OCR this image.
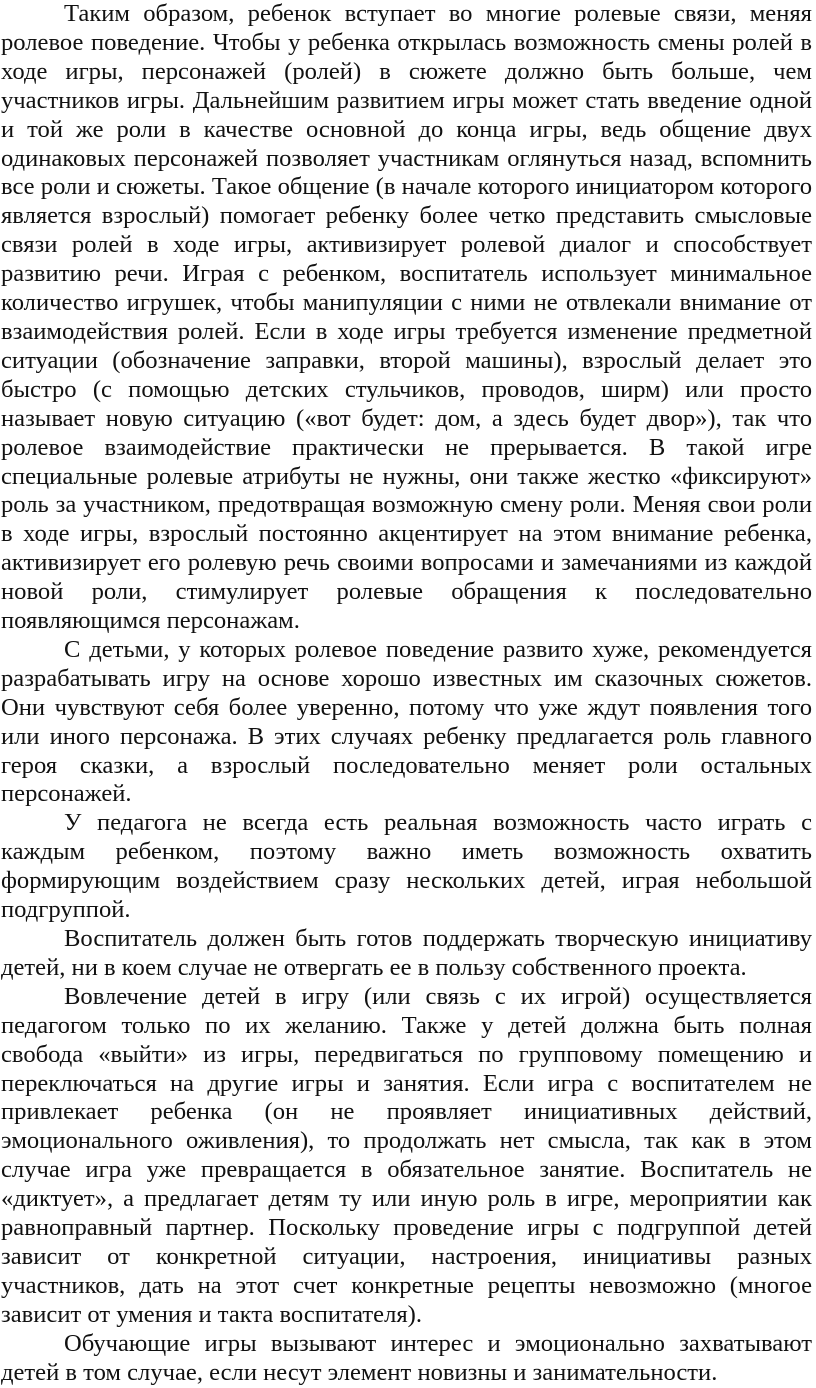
Таким образом, ребенок вступает во многие ролевые связи, меняя ролевое поведение. Чтобы у ребенка открылась возможность смены ролей в ходе игры, персонажей (ролей) в сюжете должно быть больше, чем участников игры. Дальнейшим развитием игры может стать введение одной и той же роли в качестве основной до конца игры, ведь общение двух одинаковых персонажей позволяет участникам оглянуться назад, вспомнить все роли и сюжеты. Такое общение (в начале которого инициатором которого является взрослый) помогает ребенку более четко представить смысловые связи ролей в ходе игры, активизирует ролевой диалог и способствует развитию речи. Играя с ребенком, воспитатель использует минимальное количество игрушек, чтобы манипуляции с ними не отвлекали внимание от взаимодействия ролей. Если в ходе игры требуется изменение предметной ситуации (обозначение заправки, второй машины), взрослый делает это быстро (с помощью детских стульчиков, проводов, ширм) или просто называет новую ситуацию («вот будет: дом, а здесь будет двор»), так что ролевое взаимодействие практически не прерывается. В такой игре специальные ролевые атрибуты не нужны, они также жестко «фиксируют» роль за участником, предотвращая возможную смену роли. Меняя свои роли в ходе игры, взрослый постоянно акцентирует на этом внимание ребенка, активизирует его ролевую речь своими вопросами и замечаниями из каждой новой роли, стимулирует ролевые обращения к последовательно появляющимся персонажам.

С детьми, у которых ролевое поведение развито хуже, рекомендуется разрабатывать игру на основе хорошо известных им сказочных сюжетов. Они чувствуют себя более уверенно, потому что уже ждут появления того или иного персонажа. В этих случаях ребенку предлагается роль главного героя сказки, а взрослый последовательно меняет роли остальных персонажей.

У педагога не всегда есть реальная возможность часто играть с каждым ребенком, поэтому важно иметь возможность охватить формирующим воздействием сразу нескольких детей, играя небольшой подгруппой.

Воспитатель должен быть готов поддержать творческую инициативу детей, ни в коем случае не отвергать ее в пользу собственного проекта.

Вовлечение детей в игру (или связь с их игрой) осуществляется педагогом только по их желанию. Также у детей должна быть полная свобода «выйти» из игры, передвигаться по групповому помещению и переключаться на другие игры и занятия. Если игра с воспитателем не привлекает ребенка (он не проявляет инициативных действий, эмоционального оживления), то продолжать нет смысла, так как в этом случае игра уже превращается в обязательное занятие. Воспитатель не «диктует», а предлагает детям ту или иную роль в игре, мероприятии как равноправный партнер. Поскольку проведение игры с подгруппой детей зависит от конкретной ситуации, настроения, инициативы разных участников, дать на этот счет конкретные рецепты невозможно (многое зависит от умения и такта воспитателя).

Обучающие игры вызывают интерес и эмоционально захватывают детей в том случае, если несут элемент новизны и занимательности.
